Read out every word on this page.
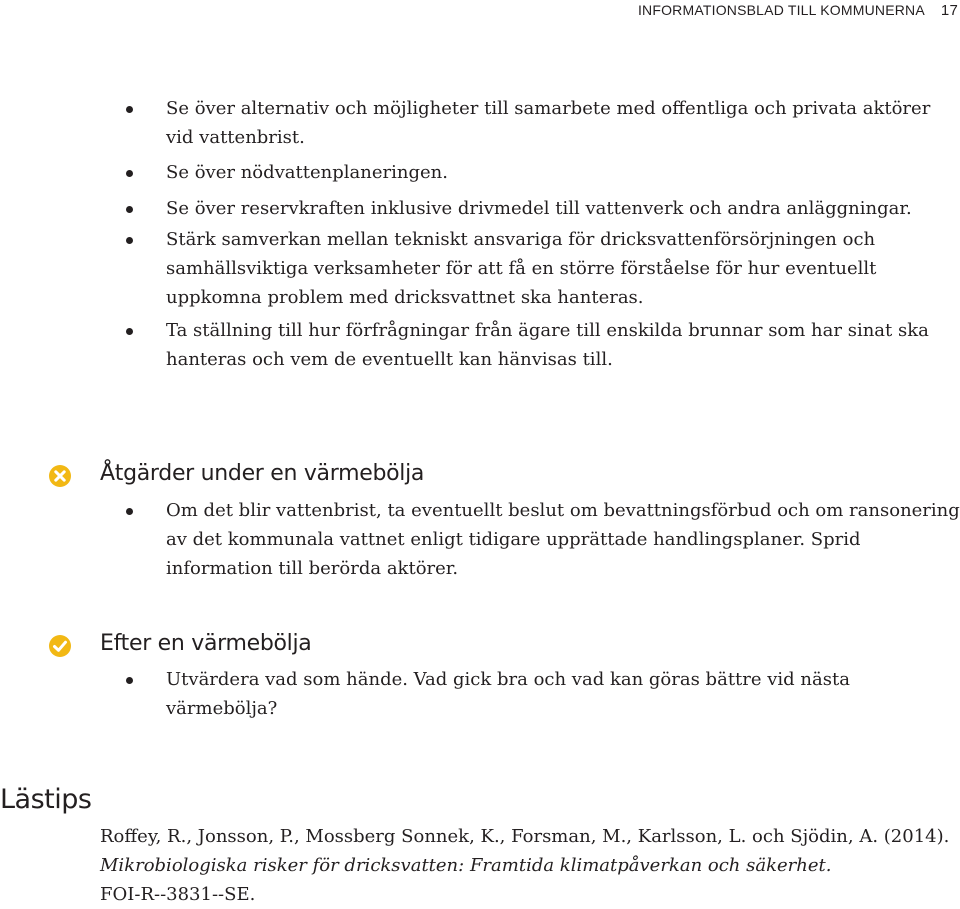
INFORMATIONSBLAD TILL KOMMUNERNA 17
Se över alternativ och möjligheter till samarbete med offentliga och privata aktörer vid vattenbrist.
Se över nödvattenplaneringen.
Se över reservkraften inklusive drivmedel till vattenverk och andra anläggningar.
Stärk samverkan mellan tekniskt ansvariga för dricksvattenförsörjningen och samhällsviktiga verksamheter för att få en större förståelse för hur eventuellt uppkomna problem med dricksvattnet ska hanteras.
Ta ställning till hur förfrågningar från ägare till enskilda brunnar som har sinat ska hanteras och vem de eventuellt kan hänvisas till.
Åtgärder under en värmebölja
Om det blir vattenbrist, ta eventuellt beslut om bevattningsförbud och om ransonering av det kommunala vattnet enligt tidigare upprättade handlingsplaner. Sprid information till berörda aktörer.
Efter en värmebölja
Utvärdera vad som hände. Vad gick bra och vad kan göras bättre vid nästa värmebölja?
Lästips
Roffey, R., Jonsson, P., Mossberg Sonnek, K., Forsman, M., Karlsson, L. och Sjödin, A. (2014). Mikrobiologiska risker för dricksvatten: Framtida klimatpåverkan och säkerhet.
FOI-R--3831--SE.
